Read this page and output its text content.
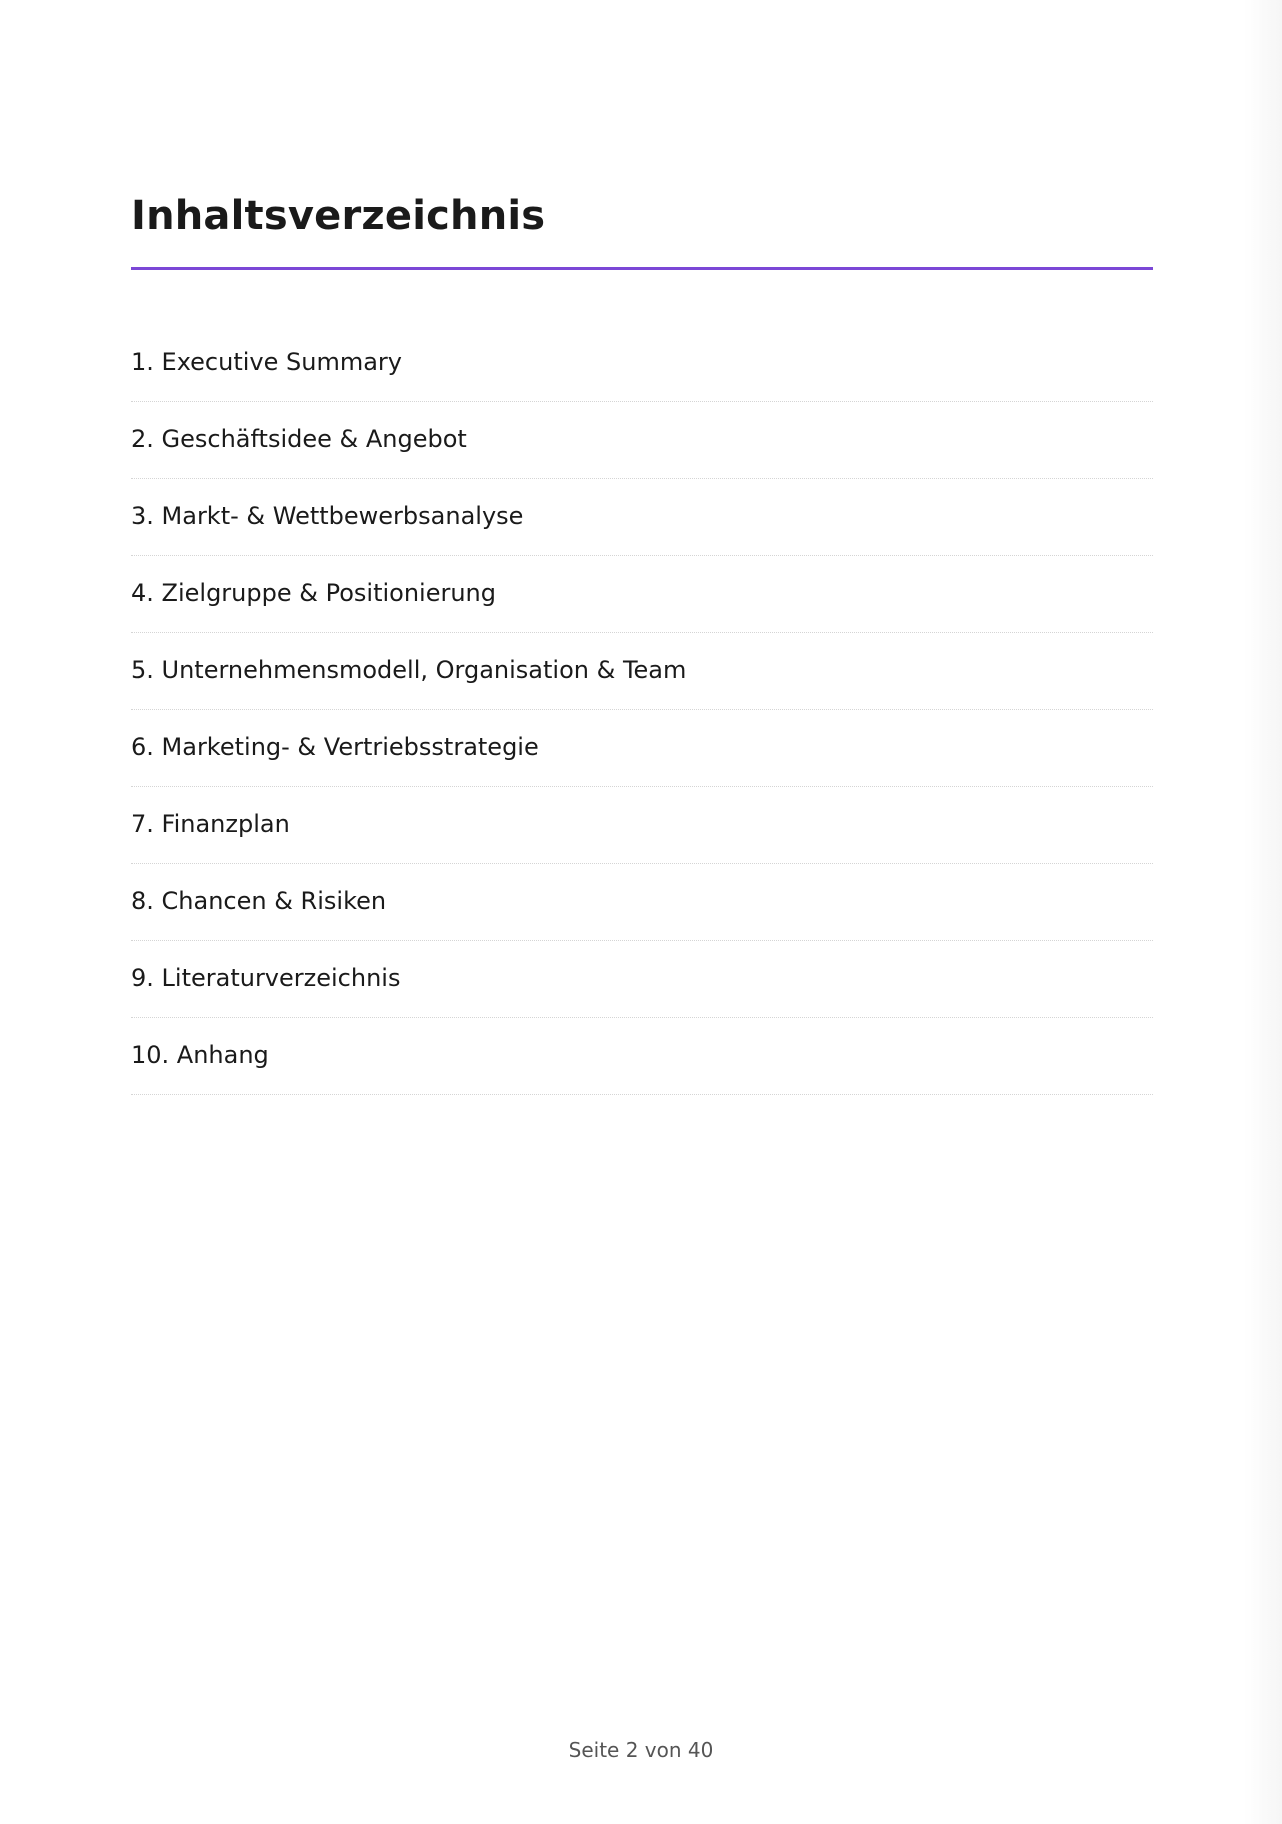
Inhaltsverzeichnis
1. Executive Summary
2. Geschäftsidee & Angebot
3. Markt- & Wettbewerbsanalyse
4. Zielgruppe & Positionierung
5. Unternehmensmodell, Organisation & Team
6. Marketing- & Vertriebsstrategie
7. Finanzplan
8. Chancen & Risiken
9. Literaturverzeichnis
10. Anhang
Seite 2 von 40
